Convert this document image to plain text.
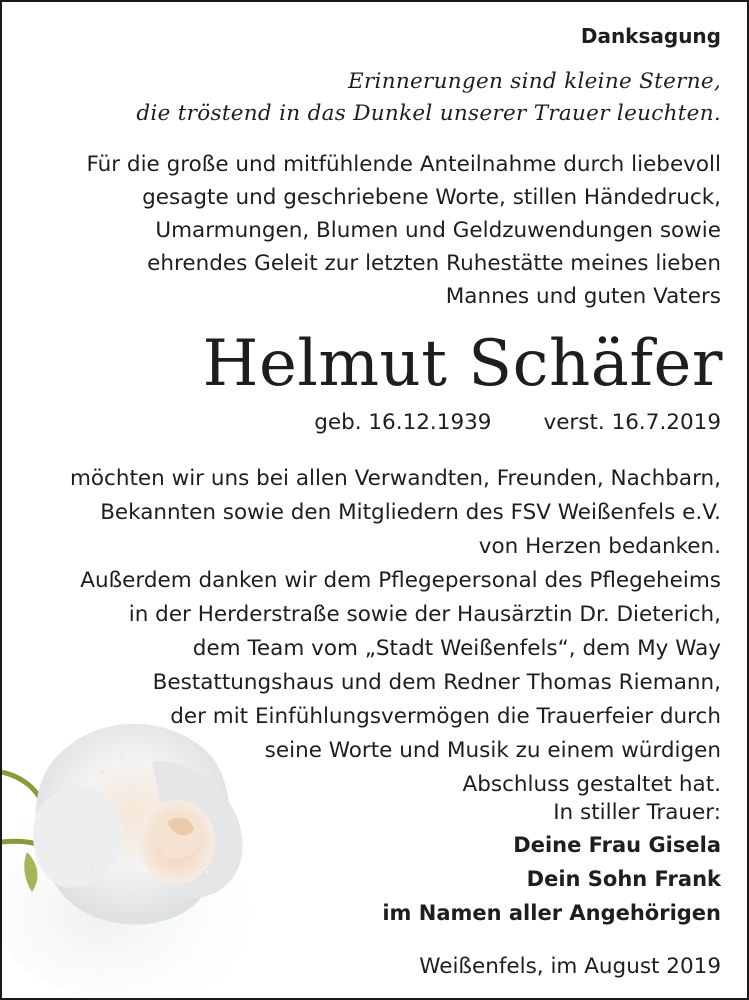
Danksagung
Erinnerungen sind kleine Sterne,
die tröstend in das Dunkel unserer Trauer leuchten.
Für die große und mitfühlende Anteilnahme durch liebevoll
gesagte und geschriebene Worte, stillen Händedruck,
Umarmungen, Blumen und Geldzuwendungen sowie
ehrendes Geleit zur letzten Ruhestätte meines lieben
Mannes und guten Vaters
Helmut Schäfer
geb. 16.12.1939 verst. 16.7.2019
möchten wir uns bei allen Verwandten, Freunden, Nachbarn,
Bekannten sowie den Mitgliedern des FSV Weißenfels e.V.
von Herzen bedanken.
Außerdem danken wir dem Pflegepersonal des Pflegeheims
in der Herderstraße sowie der Hausärztin Dr. Dieterich,
dem Team vom „Stadt Weißenfels“, dem My Way
Bestattungshaus und dem Redner Thomas Riemann,
der mit Einfühlungsvermögen die Trauerfeier durch
seine Worte und Musik zu einem würdigen
Abschluss gestaltet hat.
In stiller Trauer:
Deine Frau Gisela
Dein Sohn Frank
im Namen aller Angehörigen
Weißenfels, im August 2019
